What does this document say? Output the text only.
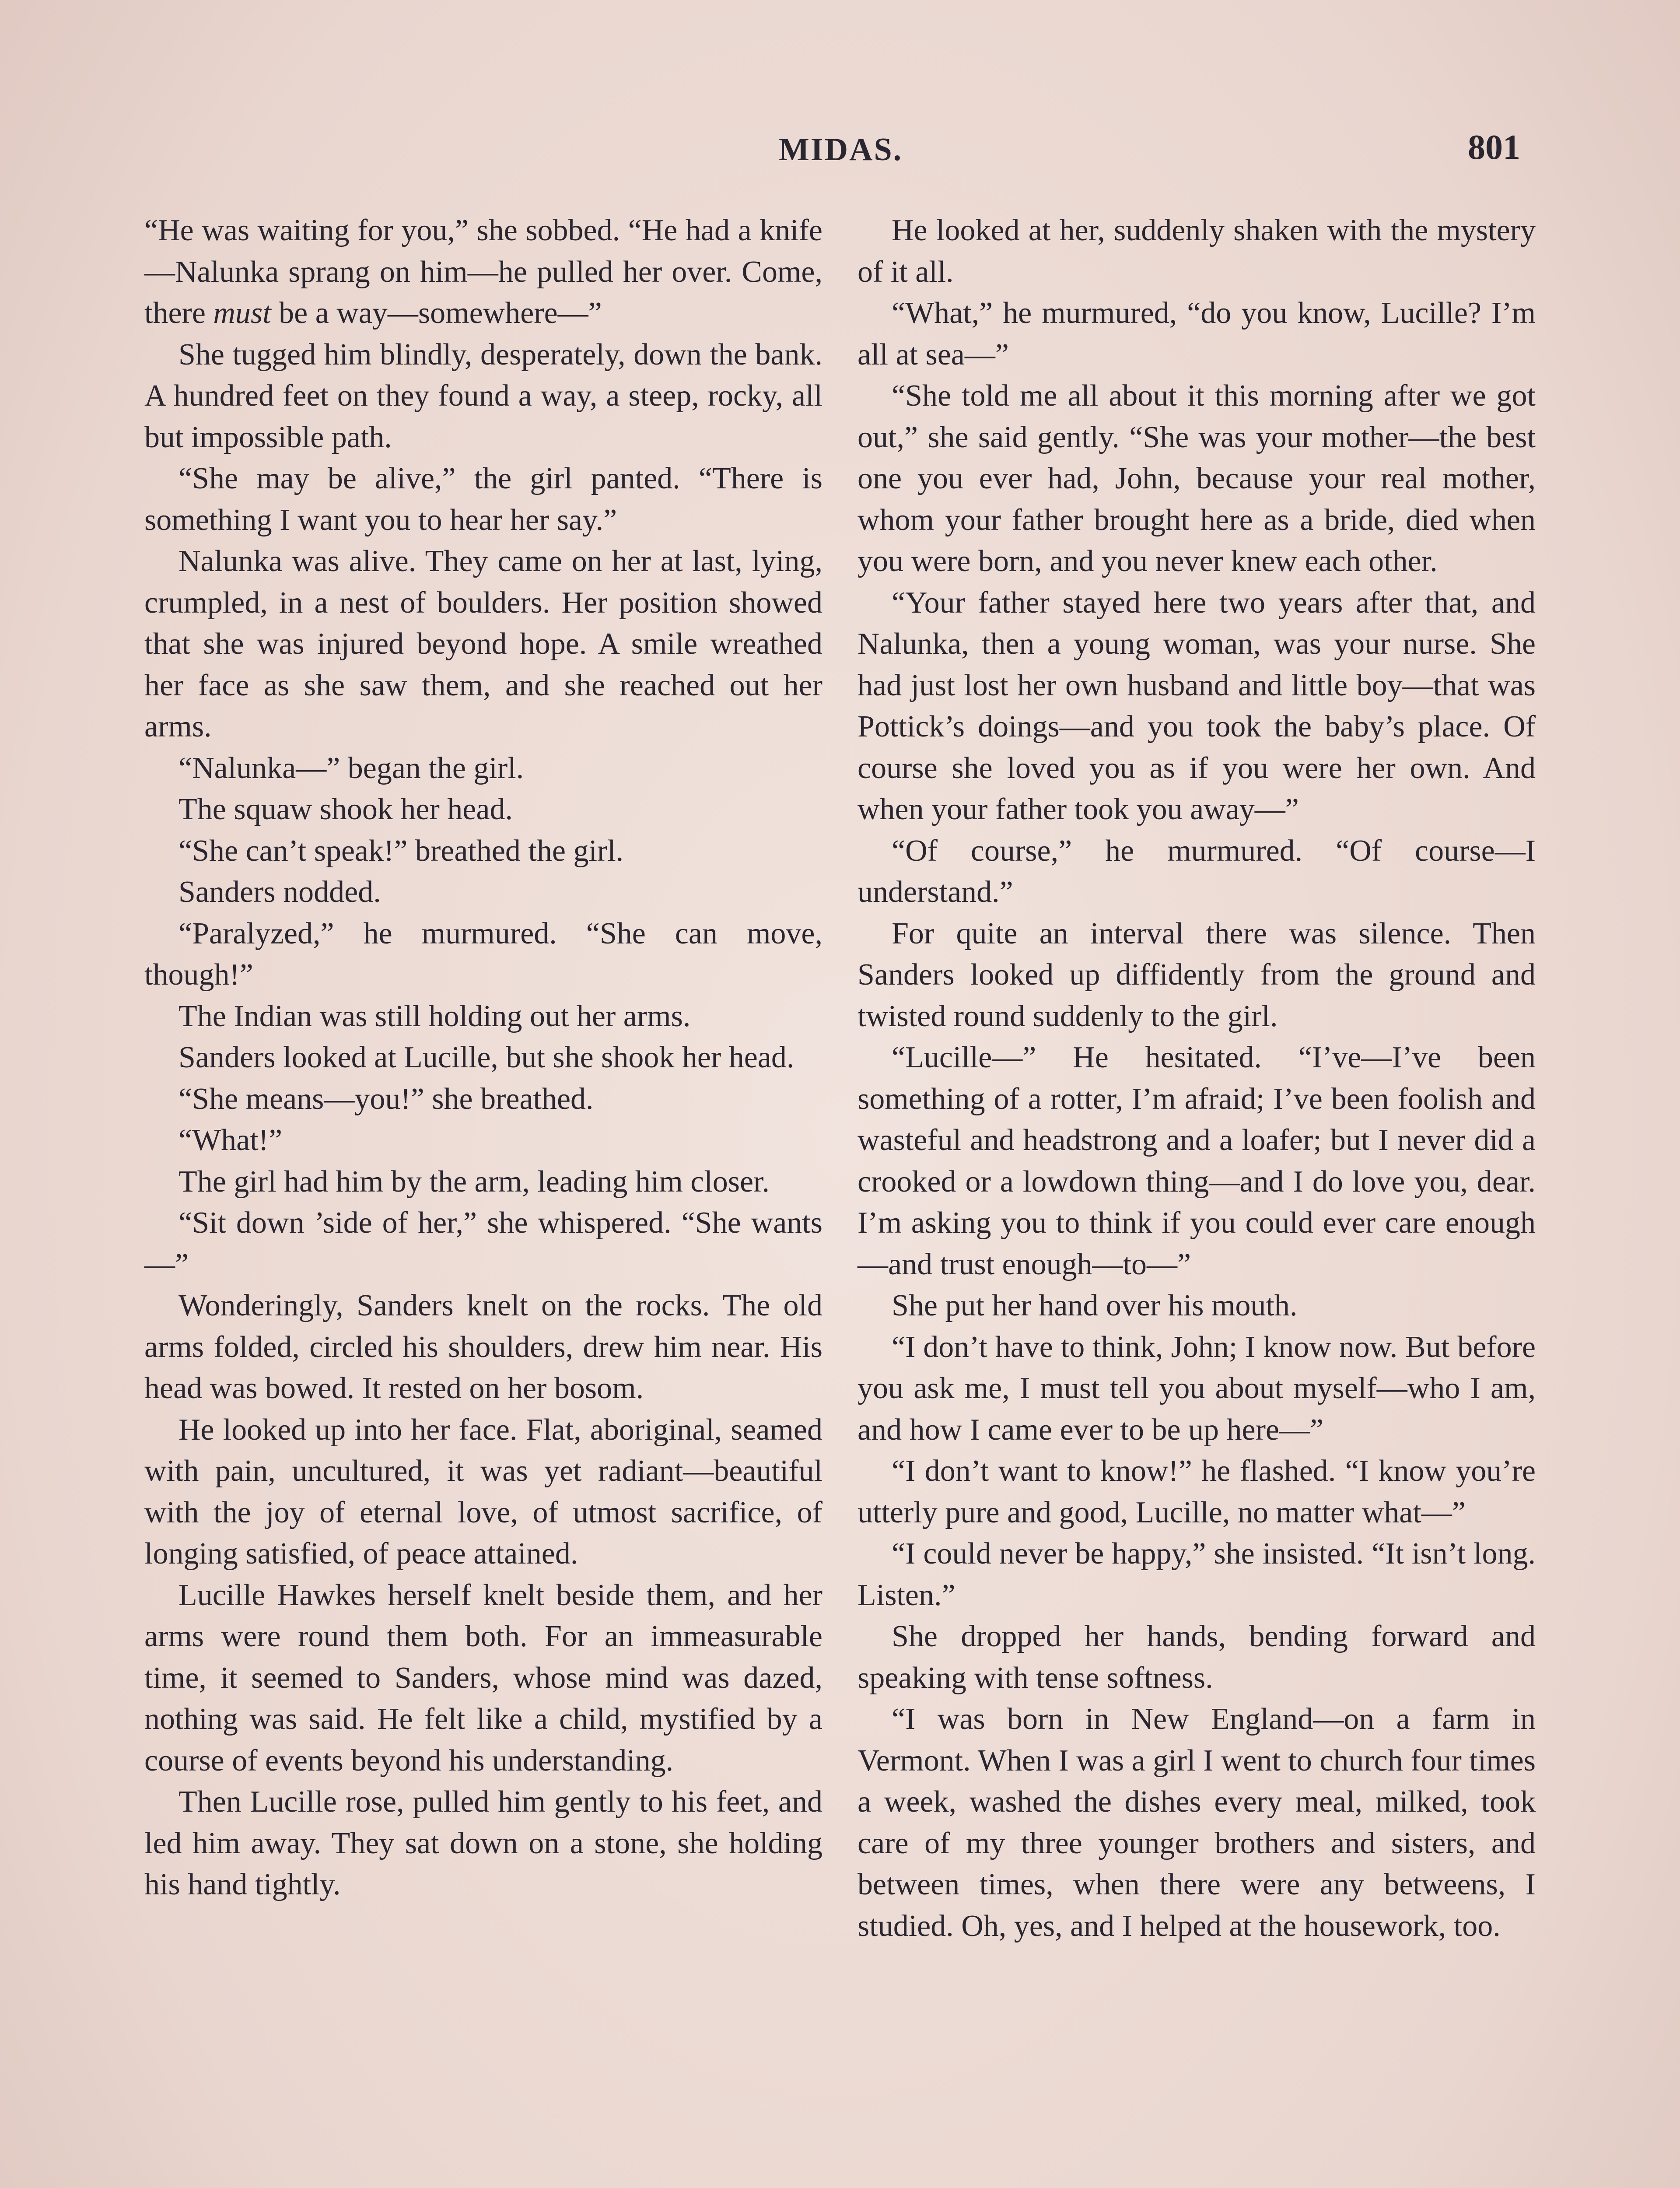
MIDAS.	801

“He was waiting for you,” she sobbed. “He had a knife—Nalunka sprang on him—he pulled her over. Come, there must be a way—somewhere—”

She tugged him blindly, desperately, down the bank. A hundred feet on they found a way, a steep, rocky, all but impossible path.

“She may be alive,” the girl panted. “There is something I want you to hear her say.”

Nalunka was alive. They came on her at last, lying, crumpled, in a nest of boulders. Her position showed that she was injured beyond hope. A smile wreathed her face as she saw them, and she reached out her arms.

“Nalunka—” began the girl.

The squaw shook her head.

“She can’t speak!” breathed the girl.

Sanders nodded.

“Paralyzed,” he murmured. “She can move, though!”

The Indian was still holding out her arms.

Sanders looked at Lucille, but she shook her head.

“She means—you!” she breathed.

“What!”

The girl had him by the arm, leading him closer.

“Sit down ’side of her,” she whispered. “She wants—”

Wonderingly, Sanders knelt on the rocks. The old arms folded, circled his shoulders, drew him near. His head was bowed. It rested on her bosom.

He looked up into her face. Flat, aboriginal, seamed with pain, uncultured, it was yet radiant—beautiful with the joy of eternal love, of utmost sacrifice, of longing satisfied, of peace attained.

Lucille Hawkes herself knelt beside them, and her arms were round them both. For an immeasurable time, it seemed to Sanders, whose mind was dazed, nothing was said. He felt like a child, mystified by a course of events beyond his understanding.

Then Lucille rose, pulled him gently to his feet, and led him away. They sat down on a stone, she holding his hand tightly.

He looked at her, suddenly shaken with the mystery of it all.

“What,” he murmured, “do you know, Lucille? I’m all at sea—”

“She told me all about it this morning after we got out,” she said gently. “She was your mother—the best one you ever had, John, because your real mother, whom your father brought here as a bride, died when you were born, and you never knew each other.

“Your father stayed here two years after that, and Nalunka, then a young woman, was your nurse. She had just lost her own husband and little boy—that was Pottick’s doings—and you took the baby’s place. Of course she loved you as if you were her own. And when your father took you away—”

“Of course,” he murmured. “Of course—I understand.”

For quite an interval there was silence. Then Sanders looked up diffidently from the ground and twisted round suddenly to the girl.

“Lucille—” He hesitated. “I’ve—I’ve been something of a rotter, I’m afraid; I’ve been foolish and wasteful and headstrong and a loafer; but I never did a crooked or a lowdown thing—and I do love you, dear. I’m asking you to think if you could ever care enough—and trust enough—to—”

She put her hand over his mouth.

“I don’t have to think, John; I know now. But before you ask me, I must tell you about myself—who I am, and how I came ever to be up here—”

“I don’t want to know!” he flashed. “I know you’re utterly pure and good, Lucille, no matter what—”

“I could never be happy,” she insisted. “It isn’t long. Listen.”

She dropped her hands, bending forward and speaking with tense softness.

“I was born in New England—on a farm in Vermont. When I was a girl I went to church four times a week, washed the dishes every meal, milked, took care of my three younger brothers and sisters, and between times, when there were any betweens, I studied. Oh, yes, and I helped at the housework, too.
